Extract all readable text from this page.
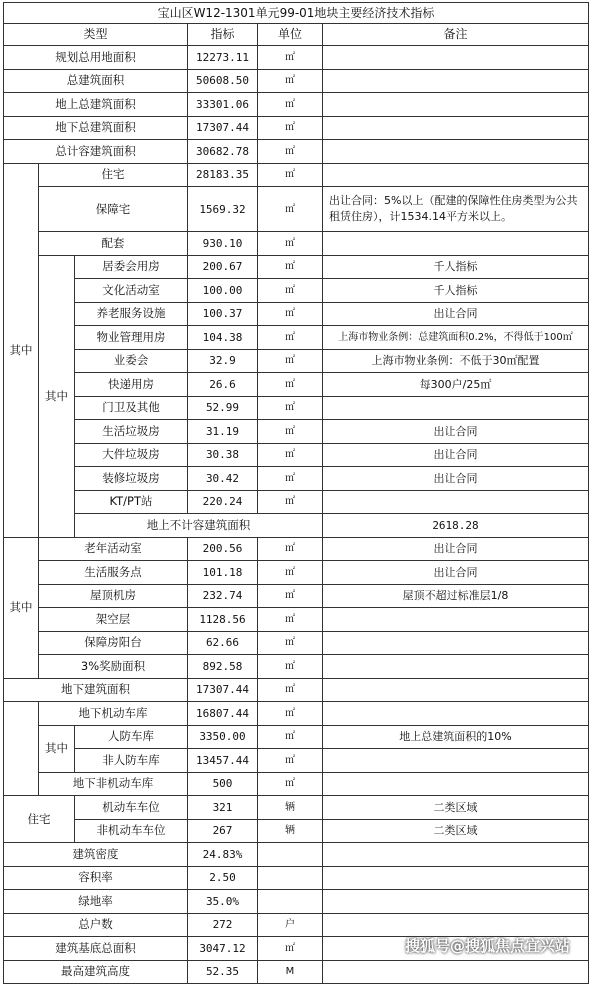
宝山区W12-1301单元99-01地块主要经济技术指标						
类型			指标	单位	备注	
规划总用地面积			12273.11	㎡		
总建筑面积			50608.50	㎡		
地上总建筑面积			33301.06	㎡		
地下总建筑面积			17307.44	㎡		
总计容建筑面积			30682.78	㎡		
其中	住宅		28183.35	㎡		
	保障宅		1569.32	㎡	出让合同：5%以上（配建的保障性住房类型为公共租赁住房），计1534.14平方米以上。	
	配套		930.10	㎡		
	其中	居委会用房	200.67	㎡	千人指标	
		文化活动室	100.00	㎡	千人指标	
		养老服务设施	100.37	㎡	出让合同	
		物业管理用房	104.38	㎡	上海市物业条例：总建筑面积0.2%，不得低于100㎡	
		业委会	32.9	㎡	上海市物业条例：不低于30㎡配置	
		快递用房	26.6	㎡	每300户/25㎡	
		门卫及其他	52.99	㎡		
		生活垃圾房	31.19	㎡	出让合同	
		大件垃圾房	30.38	㎡	出让合同	
		装修垃圾房	30.42	㎡	出让合同	
		KT/PT站	220.24	㎡		
		地上不计容建筑面积			2618.28		
其中	老年活动室		200.56	㎡	出让合同	
	生活服务点		101.18	㎡	出让合同	
	屋顶机房		232.74	㎡	屋顶不超过标准层1/8	
	架空层		1128.56	㎡		
	保障房阳台		62.66	㎡		
	3%奖励面积		892.58	㎡		
地下建筑面积			17307.44	㎡		
	地下机动车库		16807.44	㎡		
	其中	人防车库	3350.00	㎡	地上总建筑面积的10%	
		非人防车库	13457.44	㎡		
	地下非机动车库		500	㎡		
住宅		机动车车位	321	辆	二类区域	
		非机动车车位	267	辆	二类区域	
建筑密度			24.83%			
容积率			2.50			
绿地率			35.0%			
总户数			272	户		
建筑基底总面积			3047.12	㎡		
最高建筑高度			52.35	M		
搜狐号@搜狐焦点宜兴站
